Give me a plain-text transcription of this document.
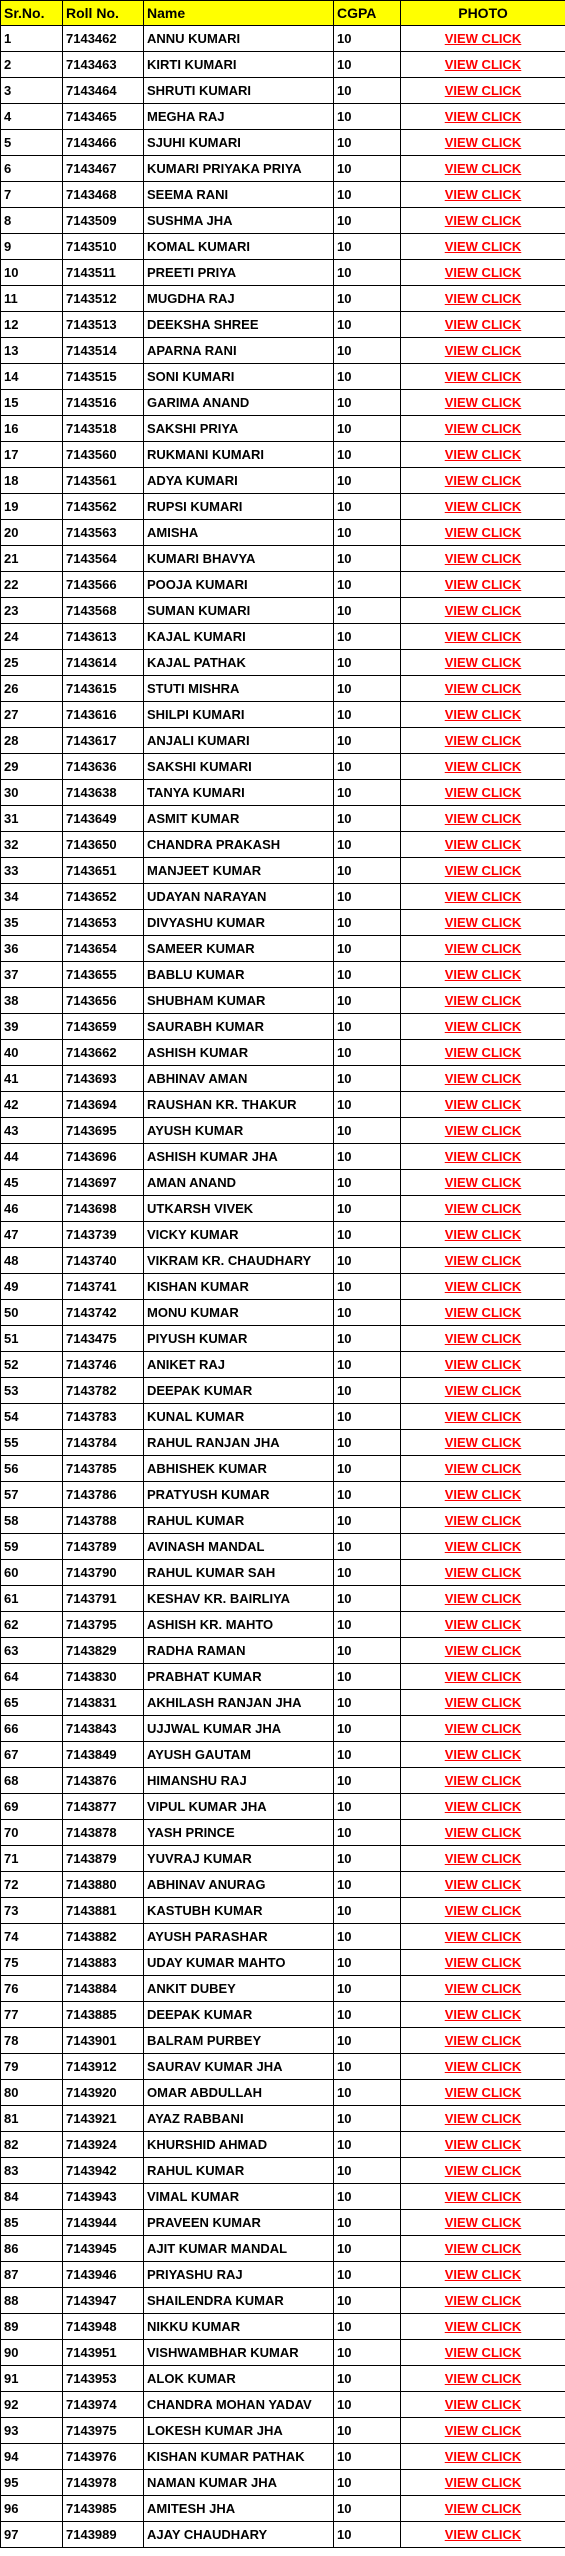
Sr.No.	Roll No.	Name	CGPA	PHOTO
1	7143462	ANNU KUMARI	10	VIEW CLICK
2	7143463	KIRTI KUMARI	10	VIEW CLICK
3	7143464	SHRUTI KUMARI	10	VIEW CLICK
4	7143465	MEGHA RAJ	10	VIEW CLICK
5	7143466	SJUHI KUMARI	10	VIEW CLICK
6	7143467	KUMARI PRIYAKA PRIYA	10	VIEW CLICK
7	7143468	SEEMA RANI	10	VIEW CLICK
8	7143509	SUSHMA JHA	10	VIEW CLICK
9	7143510	KOMAL KUMARI	10	VIEW CLICK
10	7143511	PREETI PRIYA	10	VIEW CLICK
11	7143512	MUGDHA RAJ	10	VIEW CLICK
12	7143513	DEEKSHA SHREE	10	VIEW CLICK
13	7143514	APARNA RANI	10	VIEW CLICK
14	7143515	SONI KUMARI	10	VIEW CLICK
15	7143516	GARIMA ANAND	10	VIEW CLICK
16	7143518	SAKSHI PRIYA	10	VIEW CLICK
17	7143560	RUKMANI KUMARI	10	VIEW CLICK
18	7143561	ADYA KUMARI	10	VIEW CLICK
19	7143562	RUPSI KUMARI	10	VIEW CLICK
20	7143563	AMISHA	10	VIEW CLICK
21	7143564	KUMARI BHAVYA	10	VIEW CLICK
22	7143566	POOJA KUMARI	10	VIEW CLICK
23	7143568	SUMAN KUMARI	10	VIEW CLICK
24	7143613	KAJAL KUMARI	10	VIEW CLICK
25	7143614	KAJAL PATHAK	10	VIEW CLICK
26	7143615	STUTI MISHRA	10	VIEW CLICK
27	7143616	SHILPI KUMARI	10	VIEW CLICK
28	7143617	ANJALI KUMARI	10	VIEW CLICK
29	7143636	SAKSHI KUMARI	10	VIEW CLICK
30	7143638	TANYA KUMARI	10	VIEW CLICK
31	7143649	ASMIT KUMAR	10	VIEW CLICK
32	7143650	CHANDRA PRAKASH	10	VIEW CLICK
33	7143651	MANJEET KUMAR	10	VIEW CLICK
34	7143652	UDAYAN NARAYAN	10	VIEW CLICK
35	7143653	DIVYASHU KUMAR	10	VIEW CLICK
36	7143654	SAMEER KUMAR	10	VIEW CLICK
37	7143655	BABLU KUMAR	10	VIEW CLICK
38	7143656	SHUBHAM KUMAR	10	VIEW CLICK
39	7143659	SAURABH KUMAR	10	VIEW CLICK
40	7143662	ASHISH KUMAR	10	VIEW CLICK
41	7143693	ABHINAV AMAN	10	VIEW CLICK
42	7143694	RAUSHAN KR. THAKUR	10	VIEW CLICK
43	7143695	AYUSH KUMAR	10	VIEW CLICK
44	7143696	ASHISH KUMAR JHA	10	VIEW CLICK
45	7143697	AMAN ANAND	10	VIEW CLICK
46	7143698	UTKARSH VIVEK	10	VIEW CLICK
47	7143739	VICKY KUMAR	10	VIEW CLICK
48	7143740	VIKRAM KR. CHAUDHARY	10	VIEW CLICK
49	7143741	KISHAN KUMAR	10	VIEW CLICK
50	7143742	MONU KUMAR	10	VIEW CLICK
51	7143475	PIYUSH KUMAR	10	VIEW CLICK
52	7143746	ANIKET RAJ	10	VIEW CLICK
53	7143782	DEEPAK KUMAR	10	VIEW CLICK
54	7143783	KUNAL KUMAR	10	VIEW CLICK
55	7143784	RAHUL RANJAN JHA	10	VIEW CLICK
56	7143785	ABHISHEK KUMAR	10	VIEW CLICK
57	7143786	PRATYUSH KUMAR	10	VIEW CLICK
58	7143788	RAHUL KUMAR	10	VIEW CLICK
59	7143789	AVINASH MANDAL	10	VIEW CLICK
60	7143790	RAHUL KUMAR SAH	10	VIEW CLICK
61	7143791	KESHAV KR. BAIRLIYA	10	VIEW CLICK
62	7143795	ASHISH KR. MAHTO	10	VIEW CLICK
63	7143829	RADHA RAMAN	10	VIEW CLICK
64	7143830	PRABHAT KUMAR	10	VIEW CLICK
65	7143831	AKHILASH RANJAN JHA	10	VIEW CLICK
66	7143843	UJJWAL KUMAR JHA	10	VIEW CLICK
67	7143849	AYUSH GAUTAM	10	VIEW CLICK
68	7143876	HIMANSHU RAJ	10	VIEW CLICK
69	7143877	VIPUL KUMAR JHA	10	VIEW CLICK
70	7143878	YASH PRINCE	10	VIEW CLICK
71	7143879	YUVRAJ KUMAR	10	VIEW CLICK
72	7143880	ABHINAV ANURAG	10	VIEW CLICK
73	7143881	KASTUBH KUMAR	10	VIEW CLICK
74	7143882	AYUSH PARASHAR	10	VIEW CLICK
75	7143883	UDAY KUMAR MAHTO	10	VIEW CLICK
76	7143884	ANKIT DUBEY	10	VIEW CLICK
77	7143885	DEEPAK KUMAR	10	VIEW CLICK
78	7143901	BALRAM PURBEY	10	VIEW CLICK
79	7143912	SAURAV KUMAR JHA	10	VIEW CLICK
80	7143920	OMAR ABDULLAH	10	VIEW CLICK
81	7143921	AYAZ RABBANI	10	VIEW CLICK
82	7143924	KHURSHID AHMAD	10	VIEW CLICK
83	7143942	RAHUL KUMAR	10	VIEW CLICK
84	7143943	VIMAL KUMAR	10	VIEW CLICK
85	7143944	PRAVEEN KUMAR	10	VIEW CLICK
86	7143945	AJIT KUMAR MANDAL	10	VIEW CLICK
87	7143946	PRIYASHU RAJ	10	VIEW CLICK
88	7143947	SHAILENDRA KUMAR	10	VIEW CLICK
89	7143948	NIKKU KUMAR	10	VIEW CLICK
90	7143951	VISHWAMBHAR KUMAR	10	VIEW CLICK
91	7143953	ALOK KUMAR	10	VIEW CLICK
92	7143974	CHANDRA MOHAN YADAV	10	VIEW CLICK
93	7143975	LOKESH KUMAR JHA	10	VIEW CLICK
94	7143976	KISHAN KUMAR PATHAK	10	VIEW CLICK
95	7143978	NAMAN KUMAR JHA	10	VIEW CLICK
96	7143985	AMITESH JHA	10	VIEW CLICK
97	7143989	AJAY CHAUDHARY	10	VIEW CLICK
